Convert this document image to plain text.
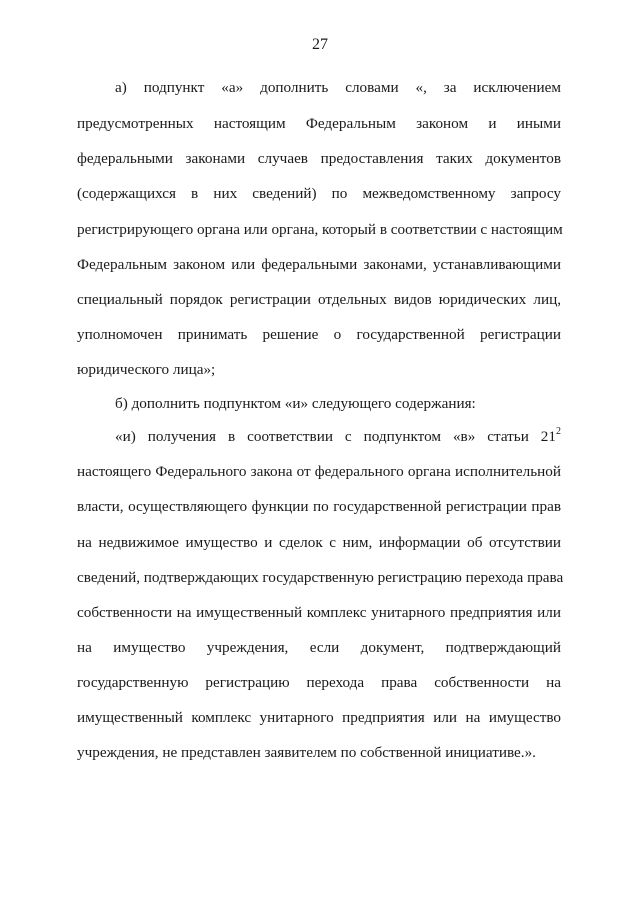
27
а) подпункт «а» дополнить словами «, за исключением
предусмотренных настоящим Федеральным законом и иными
федеральными законами случаев предоставления таких документов
(содержащихся в них сведений) по межведомственному запросу
регистрирующего органа или органа, который в соответствии с настоящим
Федеральным законом или федеральными законами, устанавливающими
специальный порядок регистрации отдельных видов юридических лиц,
уполномочен принимать решение о государственной регистрации
юридического лица»;
б) дополнить подпунктом «и» следующего содержания:
«и) получения в соответствии с подпунктом «в» статьи $21^2$
настоящего Федерального закона от федерального органа исполнительной
власти, осуществляющего функции по государственной регистрации прав
на недвижимое имущество и сделок с ним, информации об отсутствии
сведений, подтверждающих государственную регистрацию перехода права
собственности на имущественный комплекс унитарного предприятия или
на имущество учреждения, если документ, подтверждающий
государственную регистрацию перехода права собственности на
имущественный комплекс унитарного предприятия или на имущество
учреждения, не представлен заявителем по собственной инициативе.».
